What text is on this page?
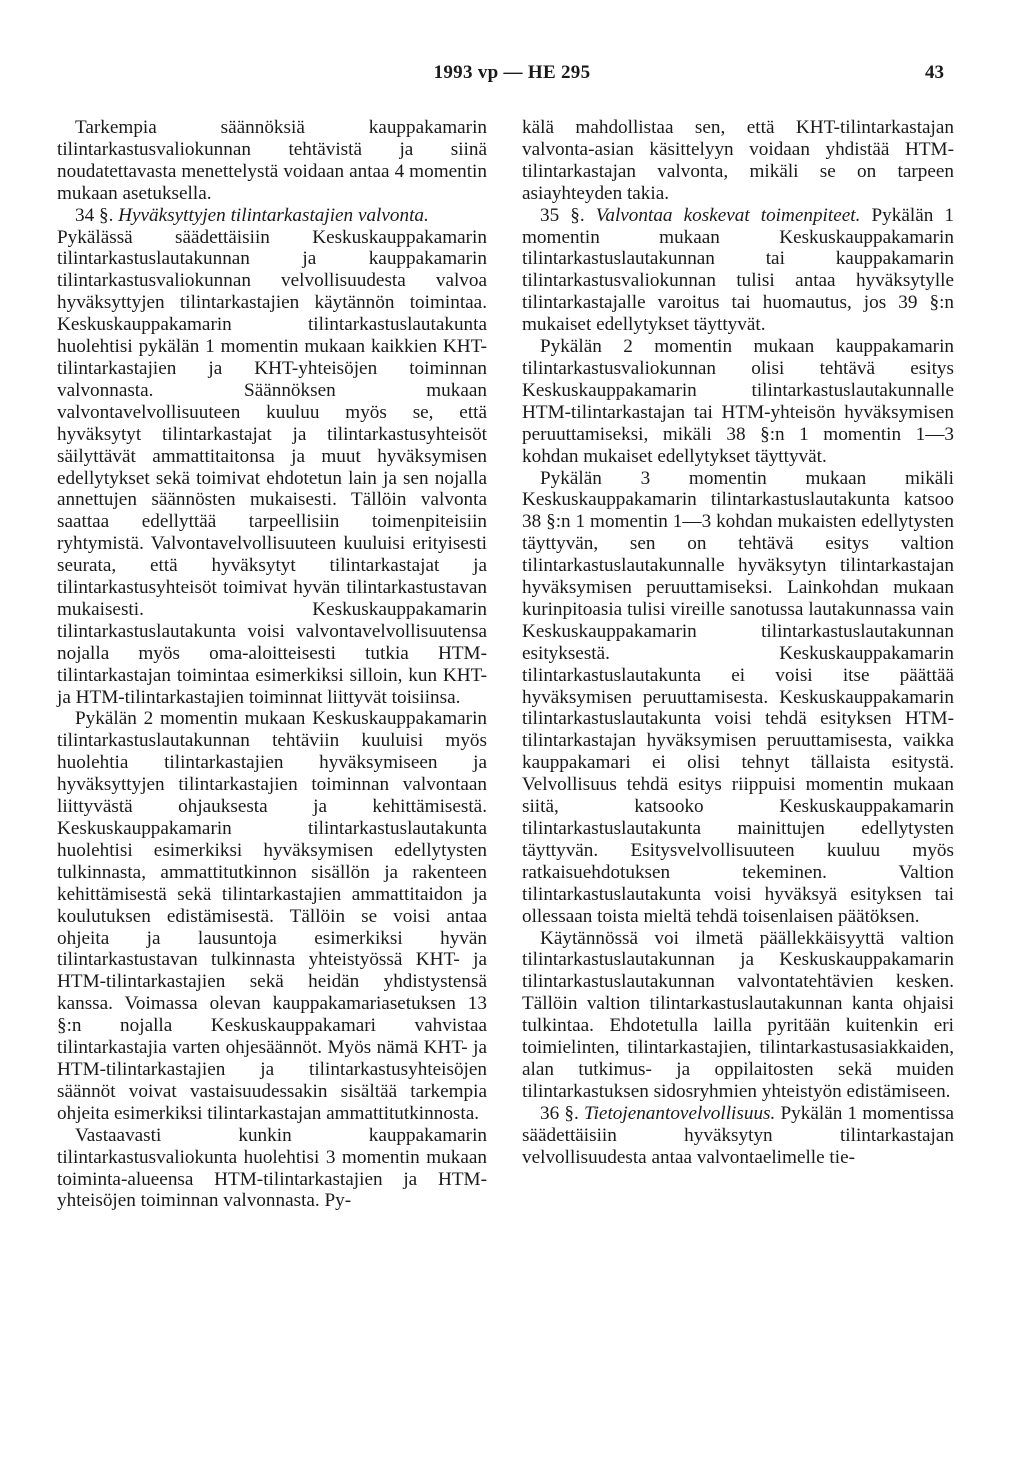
1993 vp — HE 295	43

Tarkempia säännöksiä kauppakamarin tilintarkastusvaliokunnan tehtävistä ja siinä noudatettavasta menettelystä voidaan antaa 4 momentin mukaan asetuksella.

34 §. Hyväksyttyjen tilintarkastajien valvonta.

Pykälässä säädettäisiin Keskuskauppakamarin tilintarkastuslautakunnan ja kauppakamarin tilintarkastusvaliokunnan velvollisuudesta valvoa hyväksyttyjen tilintarkastajien käytännön toimintaa. Keskuskauppakamarin tilintarkastuslautakunta huolehtisi pykälän 1 momentin mukaan kaikkien KHT-tilintarkastajien ja KHT-yhteisöjen toiminnan valvonnasta. Säännöksen mukaan valvontavelvollisuuteen kuuluu myös se, että hyväksytyt tilintarkastajat ja tilintarkastusyhteisöt säilyttävät ammattitaitonsa ja muut hyväksymisen edellytykset sekä toimivat ehdotetun lain ja sen nojalla annettujen säännösten mukaisesti. Tällöin valvonta saattaa edellyttää tarpeellisiin toimenpiteisiin ryhtymistä. Valvontavelvollisuuteen kuuluisi erityisesti seurata, että hyväksytyt tilintarkastajat ja tilintarkastusyhteisöt toimivat hyvän tilintarkastustavan mukaisesti. Keskuskauppakamarin tilintarkastuslautakunta voisi valvontavelvollisuutensa nojalla myös oma-aloitteisesti tutkia HTM-tilintarkastajan toimintaa esimerkiksi silloin, kun KHT- ja HTM-tilintarkastajien toiminnat liittyvät toisiinsa.

Pykälän 2 momentin mukaan Keskuskauppakamarin tilintarkastuslautakunnan tehtäviin kuuluisi myös huolehtia tilintarkastajien hyväksymiseen ja hyväksyttyjen tilintarkastajien toiminnan valvontaan liittyvästä ohjauksesta ja kehittämisestä. Keskuskauppakamarin tilintarkastuslautakunta huolehtisi esimerkiksi hyväksymisen edellytysten tulkinnasta, ammattitutkinnon sisällön ja rakenteen kehittämisestä sekä tilintarkastajien ammattitaidon ja koulutuksen edistämisestä. Tällöin se voisi antaa ohjeita ja lausuntoja esimerkiksi hyvän tilintarkastustavan tulkinnasta yhteistyössä KHT- ja HTM-tilintarkastajien sekä heidän yhdistystensä kanssa. Voimassa olevan kauppakamariasetuksen 13 §:n nojalla Keskuskauppakamari vahvistaa tilintarkastajia varten ohjesäännöt. Myös nämä KHT- ja HTM-tilintarkastajien ja tilintarkastusyhteisöjen säännöt voivat vastaisuudessakin sisältää tarkempia ohjeita esimerkiksi tilintarkastajan ammattitutkinnosta.

Vastaavasti kunkin kauppakamarin tilintarkastusvaliokunta huolehtisi 3 momentin mukaan toiminta-alueensa HTM-tilintarkastajien ja HTM-yhteisöjen toiminnan valvonnasta. Py-

kälä mahdollistaa sen, että KHT-tilintarkastajan valvonta-asian käsittelyyn voidaan yhdistää HTM-tilintarkastajan valvonta, mikäli se on tarpeen asiayhteyden takia.

35 §. Valvontaa koskevat toimenpiteet. Pykälän 1 momentin mukaan Keskuskauppakamarin tilintarkastuslautakunnan tai kauppakamarin tilintarkastusvaliokunnan tulisi antaa hyväksytylle tilintarkastajalle varoitus tai huomautus, jos 39 §:n mukaiset edellytykset täyttyvät.

Pykälän 2 momentin mukaan kauppakamarin tilintarkastusvaliokunnan olisi tehtävä esitys Keskuskauppakamarin tilintarkastuslautakunnalle HTM-tilintarkastajan tai HTM-yhteisön hyväksymisen peruuttamiseksi, mikäli 38 §:n 1 momentin 1—3 kohdan mukaiset edellytykset täyttyvät.

Pykälän 3 momentin mukaan mikäli Keskuskauppakamarin tilintarkastuslautakunta katsoo 38 §:n 1 momentin 1—3 kohdan mukaisten edellytysten täyttyvän, sen on tehtävä esitys valtion tilintarkastuslautakunnalle hyväksytyn tilintarkastajan hyväksymisen peruuttamiseksi. Lainkohdan mukaan kurinpitoasia tulisi vireille sanotussa lautakunnassa vain Keskuskauppakamarin tilintarkastuslautakunnan esityksestä. Keskuskauppakamarin tilintarkastuslautakunta ei voisi itse päättää hyväksymisen peruuttamisesta. Keskuskauppakamarin tilintarkastuslautakunta voisi tehdä esityksen HTM-tilintarkastajan hyväksymisen peruuttamisesta, vaikka kauppakamari ei olisi tehnyt tällaista esitystä. Velvollisuus tehdä esitys riippuisi momentin mukaan siitä, katsooko Keskuskauppakamarin tilintarkastuslautakunta mainittujen edellytysten täyttyvän. Esitysvelvollisuuteen kuuluu myös ratkaisuehdotuksen tekeminen. Valtion tilintarkastuslautakunta voisi hyväksyä esityksen tai ollessaan toista mieltä tehdä toisenlaisen päätöksen.

Käytännössä voi ilmetä päällekkäisyyttä valtion tilintarkastuslautakunnan ja Keskuskauppakamarin tilintarkastuslautakunnan valvontatehtävien kesken. Tällöin valtion tilintarkastuslautakunnan kanta ohjaisi tulkintaa. Ehdotetulla lailla pyritään kuitenkin eri toimielinten, tilintarkastajien, tilintarkastusasiakkaiden, alan tutkimus- ja oppilaitosten sekä muiden tilintarkastuksen sidosryhmien yhteistyön edistämiseen.

36 §. Tietojenantovelvollisuus. Pykälän 1 momentissa säädettäisiin hyväksytyn tilintarkastajan velvollisuudesta antaa valvontaelimelle tie-
